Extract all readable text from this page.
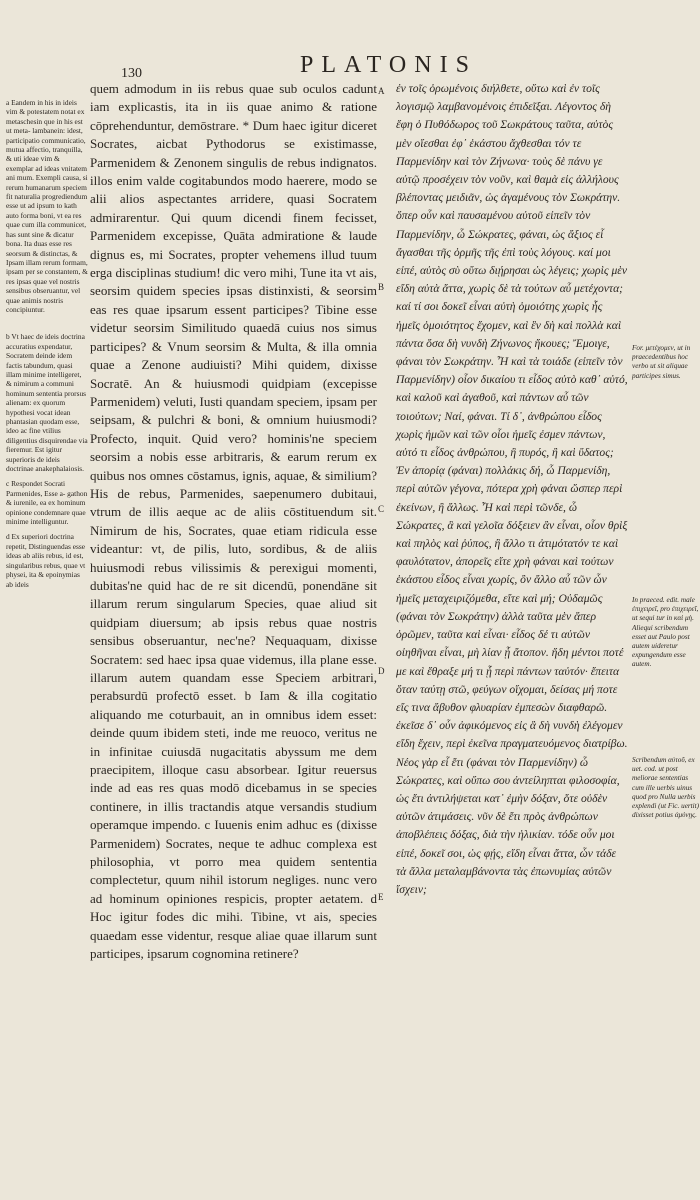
130	PLATONIS

a Eandem in his in ideis vim & potestatem notat ex metaschesin que in his est ut meta- lambanein: idest, participatio communicatio, mutua affectio, tranquilla, & uti ideae vim & exemplar ad ideas vnitatem ani mum. Exempli causa, si rerum humanarum speciem fit naturalia progrediendum esse ut ad ipsum to kath auto forma boni, vt ea res quae cum illa communicet, has sunt sine & dicatur bona. Ita duas esse res seorsum & distinctas, & Ipsam illam rerum formam, ipsam per se constantem, & res ipsas quae vel nostris sensibus obseruantur, vel quae animis nostris concipiuntur.

b Vt haec de ideis doctrina accuratius expendatur, Socratem deinde idem factis tabundum, quasi illam minime intelligeret, & nimirum a communi hominum sententia prorsus alienam: ex quorum hypothesi vocat idean phantasian quodam esse, ideo ac fine vtilius diligentius disquirendae via fieremur. Est igitur superioris de ideis doctrinae anakephalaiosis.

c Respondet Socrati Parmenides, Esse a- gathon & iurenile, ea ex hominum opinione condemnare quae minime intelliguntur.

d Ex superiori doctrina repetit, Distinguendas esse ideas ab aliis rebus, id est, singularibus rebus, quae vt physei, ita & epoinymias ab ideis

quem admodum in iis rebus quae sub oculos cadunt iam explicastis, ita in iis quae animo & ratione cōprehenduntur, demōstrare. * Dum haec igitur diceret Socrates, aicbat Pythodorus se existimasse, Parmenidem & Zenonem singulis de rebus indignatos. illos enim valde cogitabundos modo haerere, modo se alii alios aspectantes arridere, quasi Socratem admirarentur. Qui quum dicendi finem fecisset, Parmenidem excepisse, Quāta admiratione & laude dignus es, mi Socrates, propter vehemens illud tuum erga disciplinas studium! dic vero mihi, Tune ita vt ais, seorsim quidem species ipsas distinxisti, & seorsim eas res quae ipsarum essent participes? Tibine esse videtur seorsim Similitudo quaedā cuius nos simus participes? & Vnum seorsim & Multa, & illa omnia quae a Zenone audiuisti? Mihi quidem, dixisse Socratē. An & huiusmodi quidpiam (excepisse Parmenidem) veluti, Iusti quandam speciem, ipsam per seipsam, & pulchri & boni, & omnium huiusmodi? Profecto, inquit. Quid vero? hominis'ne speciem seorsim a nobis esse arbitraris, & earum rerum ex quibus nos omnes cōstamus, ignis, aquae, & similium? His de rebus, Parmenides, saepenumero dubitaui, vtrum de illis aeque ac de aliis cōstituendum sit. Nimirum de his, Socrates, quae etiam ridicula esse videantur: vt, de pilis, luto, sordibus, & de aliis huiusmodi rebus vilissimis & perexigui momenti, dubitas'ne quid hac de re sit dicendū, ponendāne sit illarum rerum singularum Species, quae aliud sit quidpiam diuersum; ab ipsis rebus quae nostris sensibus obseruantur, nec'ne? Nequaquam, dixisse Socratem: sed haec ipsa quae videmus, illa plane esse. illarum autem quandam esse Speciem arbitrari, perabsurdū profectō esset. b Iam & illa cogitatio aliquando me coturbauit, an in omnibus idem esset: deinde quum ibidem steti, inde me reuoco, veritus ne in infinitae cuiusdā nugacitatis abyssum me dem praecipitem, illoque casu absorbear. Igitur reuersus inde ad eas res quas modō dicebamus in se species continere, in illis tractandis atque versandis studium operamque impendo. c Iuuenis enim adhuc es (dixisse Parmenidem) Socrates, neque te adhuc complexa est philosophia, vt porro mea quidem sententia complectetur, quum nihil istorum negliges. nunc vero ad hominum opiniones respicis, propter aetatem. d Hoc igitur fodes dic mihi. Tibine, vt ais, species quaedam esse videntur, resque aliae quae illarum sunt participes, ipsarum cognomina retinere?

A
B
C
D
E

ἐν τοῖς ὁρωμένοις διήλθετε, οὕτω καὶ ἐν τοῖς λογισμῷ λαμβανομένοις ἐπιδεῖξαι. Λέγοντος δὴ ἔφη ὁ Πυθόδωρος τοῦ Σωκράτους ταῦτα, αὐτὸς μὲν οἴεσθαι ἐφ᾽ ἑκάστου ἄχθεσθαι τόν τε Παρμενίδην καὶ τὸν Ζήνωνα· τοὺς δὲ πάνυ γε αὐτῷ προσέχειν τὸν νοῦν, καὶ θαμὰ εἰς ἀλλήλους βλέποντας μειδιᾶν, ὡς ἀγαμένους τὸν Σωκράτην. ὅπερ οὖν καὶ παυσαμένου αὐτοῦ εἰπεῖν τὸν Παρμενίδην, ὦ Σώκρατες, φάναι, ὡς ἄξιος εἶ ἄγασθαι τῆς ὁρμῆς τῆς ἐπὶ τοὺς λόγους. καί μοι εἰπέ, αὐτὸς σὺ οὕτω διῄρησαι ὡς λέγεις; χωρὶς μὲν εἴδη αὐτὰ ἄττα, χωρὶς δὲ τὰ τούτων αὖ μετέχοντα; καί τί σοι δοκεῖ εἶναι αὐτὴ ὁμοιότης χωρὶς ἧς ἡμεῖς ὁμοιότητος ἔχομεν, καὶ ἓν δὴ καὶ πολλὰ καὶ πάντα ὅσα δὴ νυνδὴ Ζήνωνος ἤκουες; Ἔμοιγε, φάναι τὸν Σωκράτην. Ἦ καὶ τὰ τοιάδε (εἰπεῖν τὸν Παρμενίδην) οἷον δικαίου τι εἶδος αὐτὸ καθ᾽ αὑτό, καὶ καλοῦ καὶ ἀγαθοῦ, καὶ πάντων αὖ τῶν τοιούτων; Ναί, φάναι. Τί δ᾽, ἀνθρώπου εἶδος χωρὶς ἡμῶν καὶ τῶν οἷοι ἡμεῖς ἐσμεν πάντων, αὐτό τι εἶδος ἀνθρώπου, ἢ πυρός, ἢ καὶ ὕδατος; Ἐν ἀπορίᾳ (φάναι) πολλάκις δή, ὦ Παρμενίδη, περὶ αὐτῶν γέγονα, πότερα χρὴ φάναι ὥσπερ περὶ ἐκείνων, ἢ ἄλλως. Ἦ καὶ περὶ τῶνδε, ὦ Σώκρατες, ἃ καὶ γελοῖα δόξειεν ἂν εἶναι, οἷον θρὶξ καὶ πηλὸς καὶ ῥύπος, ἢ ἄλλο τι ἀτιμότατόν τε καὶ φαυλότατον, ἀπορεῖς εἴτε χρὴ φάναι καὶ τούτων ἑκάστου εἶδος εἶναι χωρίς, ὂν ἄλλο αὖ τῶν ὧν ἡμεῖς μεταχειριζόμεθα, εἴτε καὶ μή; Οὐδαμῶς (φάναι τὸν Σωκράτην) ἀλλὰ ταῦτα μὲν ἅπερ ὁρῶμεν, ταῦτα καὶ εἶναι· εἶδος δέ τι αὐτῶν οἰηθῆναι εἶναι, μὴ λίαν ᾖ ἄτοπον. ἤδη μέντοι ποτέ με καὶ ἔθραξε μή τι ᾖ περὶ πάντων ταὐτόν· ἔπειτα ὅταν ταύτῃ στῶ, φεύγων οἴχομαι, δείσας μή ποτε εἴς τινα ἄβυθον φλυαρίαν ἐμπεσὼν διαφθαρῶ. ἐκεῖσε δ᾽ οὖν ἀφικόμενος εἰς ἃ δὴ νυνδὴ ἐλέγομεν εἴδη ἔχειν, περὶ ἐκεῖνα πραγματευόμενος διατρίβω. Νέος γὰρ εἶ ἔτι (φάναι τὸν Παρμενίδην) ὦ Σώκρατες, καὶ οὔπω σου ἀντείληπται φιλοσοφία, ὡς ἔτι ἀντιλήψεται κατ᾽ ἐμὴν δόξαν, ὅτε οὐδὲν αὐτῶν ἀτιμάσεις. νῦν δὲ ἔτι πρὸς ἀνθρώπων ἀποβλέπεις δόξας, διὰ τὴν ἡλικίαν. τόδε οὖν μοι εἰπέ, δοκεῖ σοι, ὡς φῄς, εἴδη εἶναι ἄττα, ὧν τάδε τὰ ἄλλα μεταλαμβάνοντα τὰς ἐπωνυμίας αὐτῶν ἴσχειν;

For. μετέχομεν, ut in praecedentibus hoc verbo ut sit aliquae participes simus.

In praeced. edit. male ἐπιχειρεῖ, pro ἐπιχειρεῖ, ut sequi tur in καὶ μὴ. Aliequi scribendum esset aut Paulo post autem uideretur expungendum esse autem.

Scribendum αὐτοῦ, ex uet. cod. ut post meliorae sententias cum ille uerbis uinus quod pro Nulla uerbis explendi (ut Fic. uertit) dixisset potius ἀμύνῃς.
